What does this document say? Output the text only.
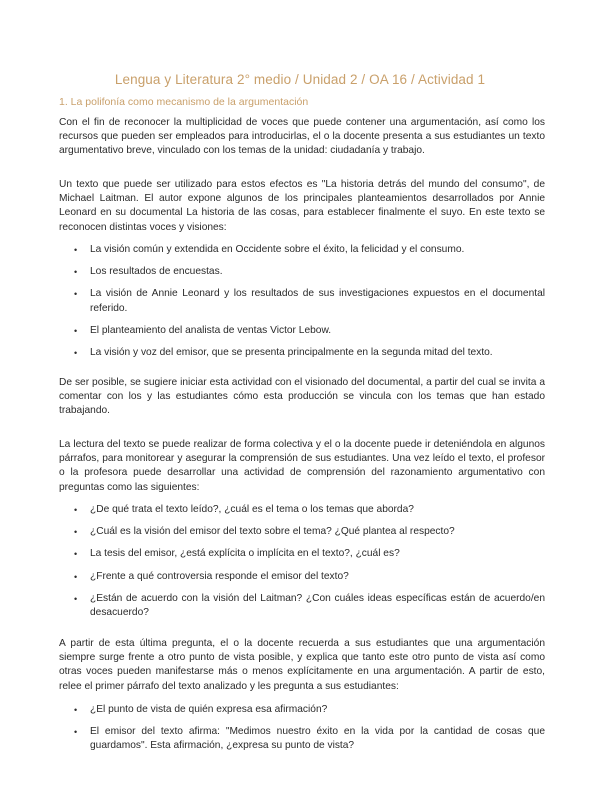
Lengua y Literatura 2° medio / Unidad 2 / OA 16 / Actividad 1
1. La polifonía como mecanismo de la argumentación

Con el fin de reconocer la multiplicidad de voces que puede contener una argumentación, así como los recursos que pueden ser empleados para introducirlas, el o la docente presenta a sus estudiantes un texto argumentativo breve, vinculado con los temas de la unidad: ciudadanía y trabajo.

Un texto que puede ser utilizado para estos efectos es "La historia detrás del mundo del consumo", de Michael Laitman. El autor expone algunos de los principales planteamientos desarrollados por Annie Leonard en su documental La historia de las cosas, para establecer finalmente el suyo. En este texto se reconocen distintas voces y visiones:

• La visión común y extendida en Occidente sobre el éxito, la felicidad y el consumo.
• Los resultados de encuestas.
• La visión de Annie Leonard y los resultados de sus investigaciones expuestos en el documental referido.
• El planteamiento del analista de ventas Victor Lebow.
• La visión y voz del emisor, que se presenta principalmente en la segunda mitad del texto.

De ser posible, se sugiere iniciar esta actividad con el visionado del documental, a partir del cual se invita a comentar con los y las estudiantes cómo esta producción se vincula con los temas que han estado trabajando.

La lectura del texto se puede realizar de forma colectiva y el o la docente puede ir deteniéndola en algunos párrafos, para monitorear y asegurar la comprensión de sus estudiantes. Una vez leído el texto, el profesor o la profesora puede desarrollar una actividad de comprensión del razonamiento argumentativo con preguntas como las siguientes:

• ¿De qué trata el texto leído?, ¿cuál es el tema o los temas que aborda?
• ¿Cuál es la visión del emisor del texto sobre el tema? ¿Qué plantea al respecto?
• La tesis del emisor, ¿está explícita o implícita en el texto?, ¿cuál es?
• ¿Frente a qué controversia responde el emisor del texto?
• ¿Están de acuerdo con la visión del Laitman? ¿Con cuáles ideas específicas están de acuerdo/en desacuerdo?

A partir de esta última pregunta, el o la docente recuerda a sus estudiantes que una argumentación siempre surge frente a otro punto de vista posible, y explica que tanto este otro punto de vista así como otras voces pueden manifestarse más o menos explícitamente en una argumentación. A partir de esto, relee el primer párrafo del texto analizado y les pregunta a sus estudiantes:

• ¿El punto de vista de quién expresa esa afirmación?
• El emisor del texto afirma: "Medimos nuestro éxito en la vida por la cantidad de cosas que guardamos". Esta afirmación, ¿expresa su punto de vista?
